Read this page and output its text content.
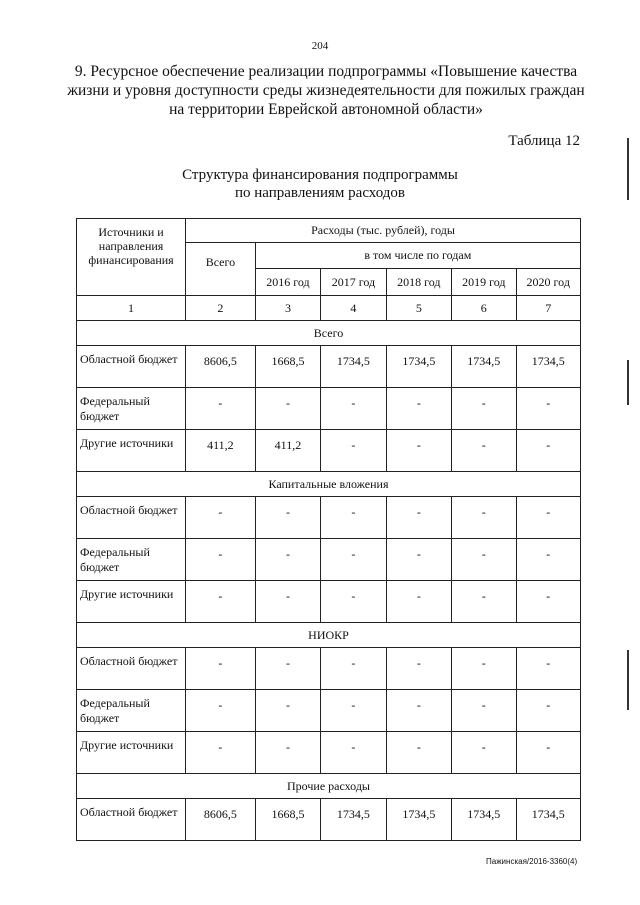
204
9. Ресурсное обеспечение реализации подпрограммы «Повышение качества жизни и уровня доступности среды жизнедеятельности для пожилых граждан на территории Еврейской автономной области»
Таблица 12
Структура финансирования подпрограммы
по направлениям расходов
Источники и направления финансирования	Расходы (тыс. рублей), годы					
	Всего	в том числе по годам				
		2016 год	2017 год	2018 год	2019 год	2020 год
1	2	3	4	5	6	7
Всего						
Областной бюджет	8606,5	1668,5	1734,5	1734,5	1734,5	1734,5
Федеральный бюджет	-	-	-	-	-	-
Другие источники	411,2	411,2	-	-	-	-
Капитальные вложения						
Областной бюджет	-	-	-	-	-	-
Федеральный бюджет	-	-	-	-	-	-
Другие источники	-	-	-	-	-	-
НИОКР						
Областной бюджет	-	-	-	-	-	-
Федеральный бюджет	-	-	-	-	-	-
Другие источники	-	-	-	-	-	-
Прочие расходы						
Областной бюджет	8606,5	1668,5	1734,5	1734,5	1734,5	1734,5
Пажинская/2016-3360(4)
